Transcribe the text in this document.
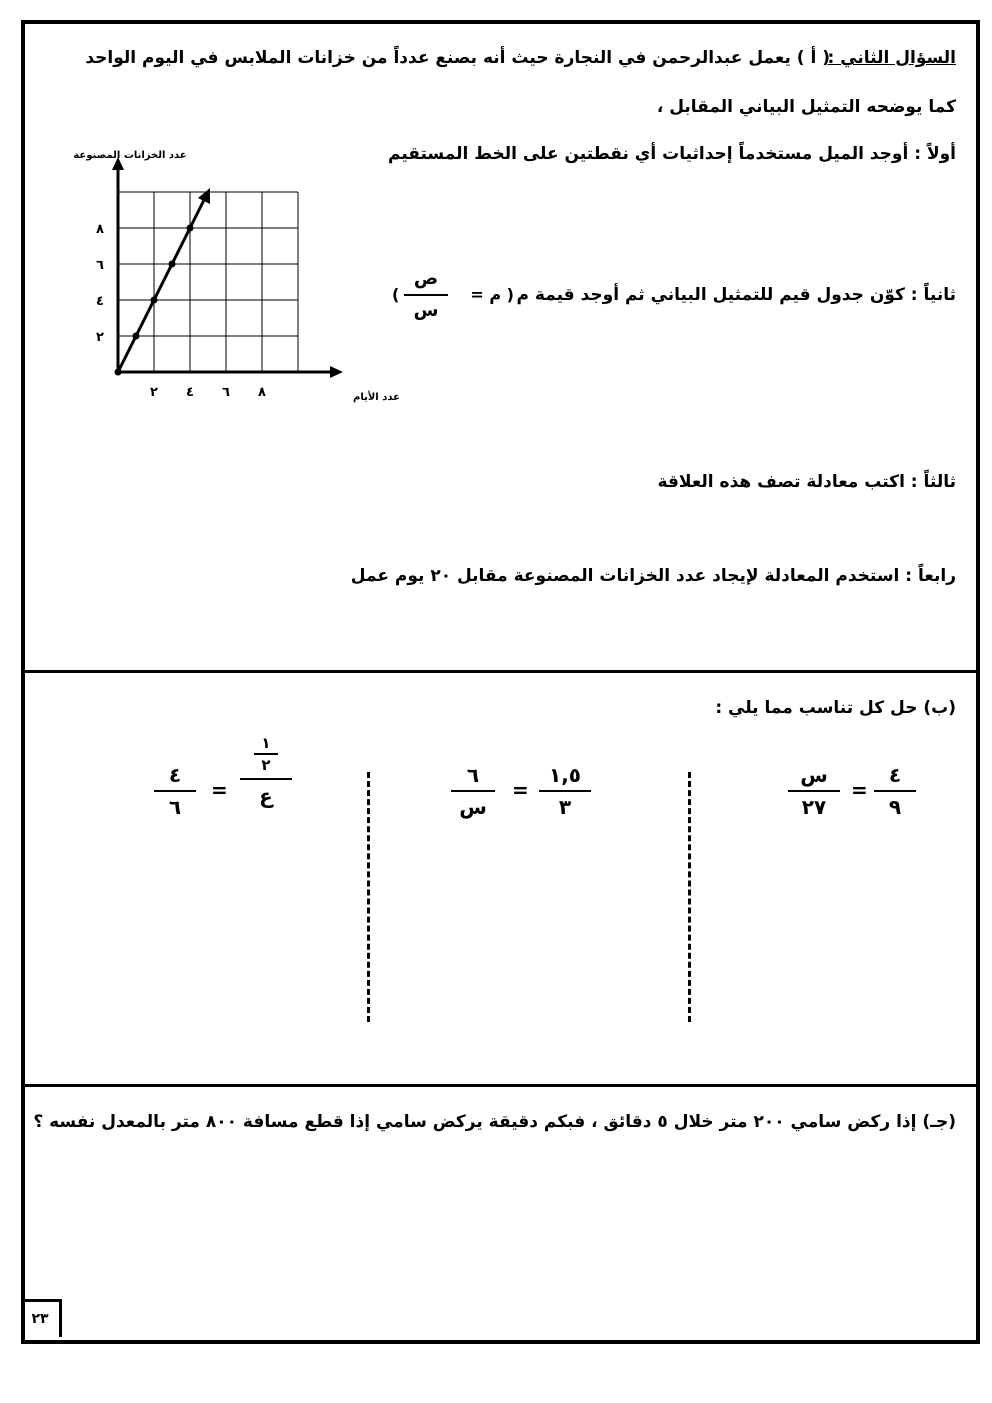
السؤال الثاني :
( أ ) يعمل عبدالرحمن في النجارة حيث أنه بصنع عدداً من خزانات الملابس في اليوم الواحد
كما يوضحه التمثيل البياني المقابل ،
أولاً : أوجد الميل مستخدماً إحداثيات أي نقطتين على الخط المستقيم
ثانياً : كوّن جدول قيم للتمثيل البياني ثم أوجد قيمة م
( م =
ص
س
)
ثالثاً : اكتب معادلة تصف هذه العلاقة
رابعاً : استخدم المعادلة لإيجاد عدد الخزانات المصنوعة مقابل ٢٠ يوم عمل
عدد الخزانات المصنوعة
عدد الأيام
٢ ٤ ٦ ٨
٢
٤
٦
٨
(ب) حل كل تناسب مما يلي :
٤
٩
=
س
٢٧
١,٥
٣
=
٦
س
١
٢
ع
=
٤
٦
(جـ) إذا ركض سامي ٢٠٠ متر خلال ٥ دقائق ، فبكم دقيقة يركض سامي إذا قطع مسافة ٨٠٠ متر بالمعدل نفسه ؟
٢٣
